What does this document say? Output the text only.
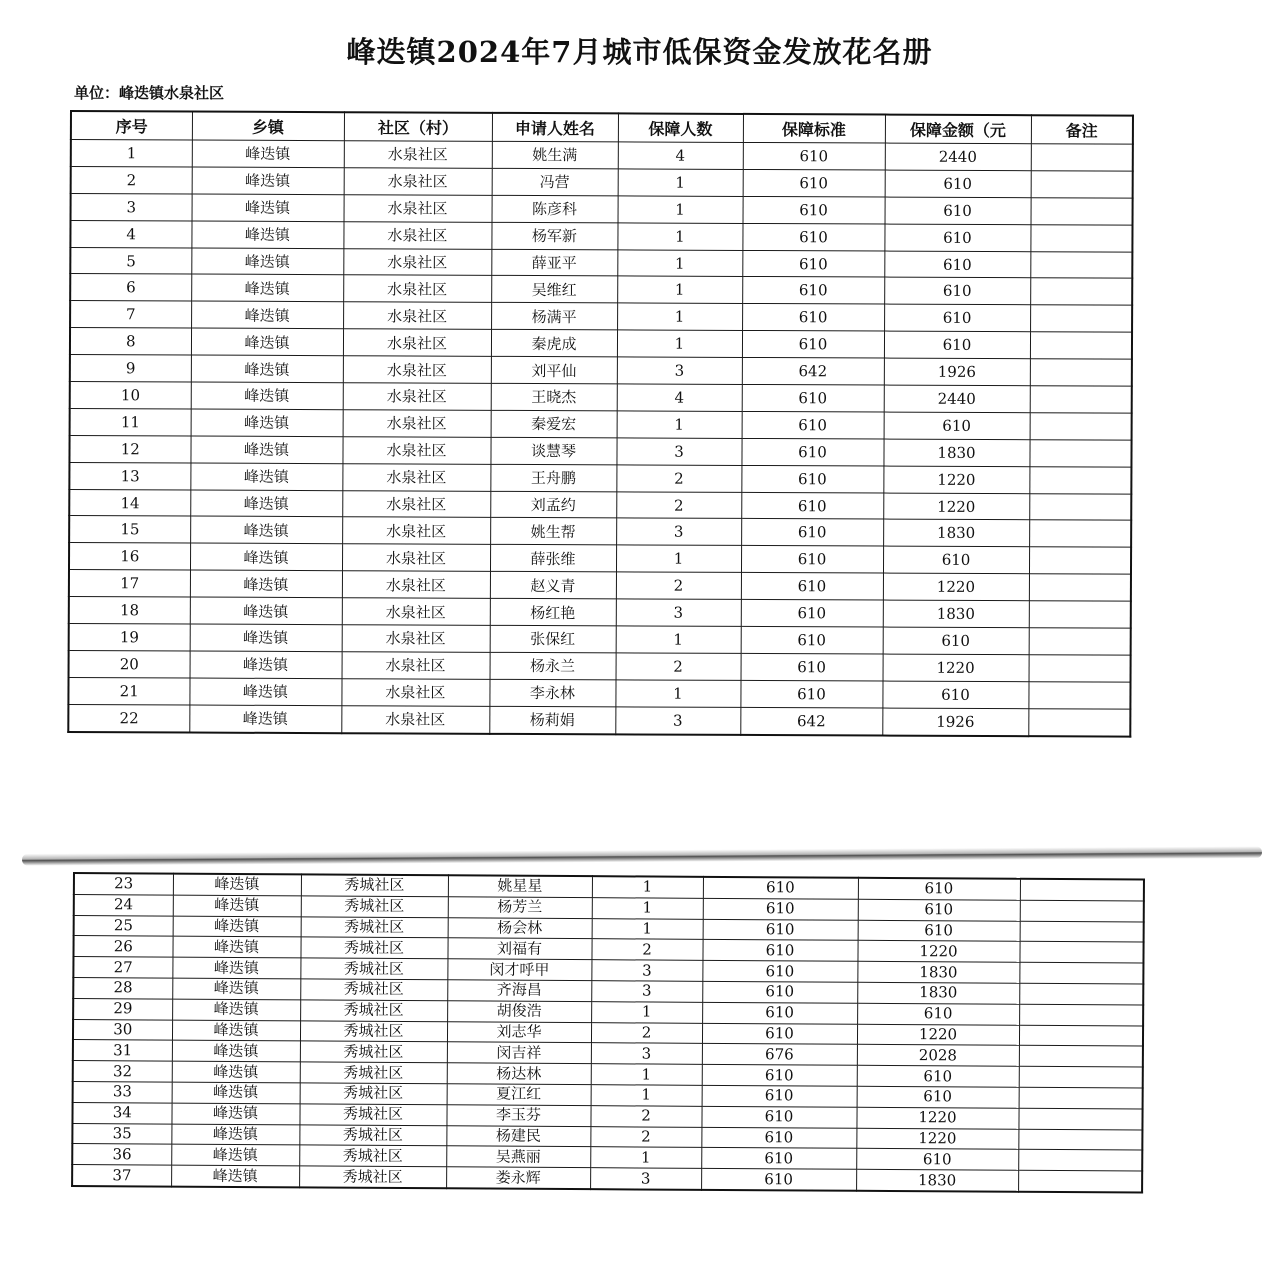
峰迭镇2024年7月城市低保资金发放花名册
单位：峰迭镇水泉社区
序号	乡镇	社区（村）	申请人姓名	保障人数	保障标准	保障金额（元	备注
1	峰迭镇	水泉社区	姚生满	4	610	2440	
2	峰迭镇	水泉社区	冯营	1	610	610	
3	峰迭镇	水泉社区	陈彦科	1	610	610	
4	峰迭镇	水泉社区	杨军新	1	610	610	
5	峰迭镇	水泉社区	薛亚平	1	610	610	
6	峰迭镇	水泉社区	吴维红	1	610	610	
7	峰迭镇	水泉社区	杨满平	1	610	610	
8	峰迭镇	水泉社区	秦虎成	1	610	610	
9	峰迭镇	水泉社区	刘平仙	3	642	1926	
10	峰迭镇	水泉社区	王晓杰	4	610	2440	
11	峰迭镇	水泉社区	秦爱宏	1	610	610	
12	峰迭镇	水泉社区	谈慧琴	3	610	1830	
13	峰迭镇	水泉社区	王舟鹏	2	610	1220	
14	峰迭镇	水泉社区	刘孟约	2	610	1220	
15	峰迭镇	水泉社区	姚生帮	3	610	1830	
16	峰迭镇	水泉社区	薛张维	1	610	610	
17	峰迭镇	水泉社区	赵义青	2	610	1220	
18	峰迭镇	水泉社区	杨红艳	3	610	1830	
19	峰迭镇	水泉社区	张保红	1	610	610	
20	峰迭镇	水泉社区	杨永兰	2	610	1220	
21	峰迭镇	水泉社区	李永林	1	610	610	
22	峰迭镇	水泉社区	杨莉娟	3	642	1926	
23	峰迭镇	秀城社区	姚星星	1	610	610	
24	峰迭镇	秀城社区	杨芳兰	1	610	610	
25	峰迭镇	秀城社区	杨会林	1	610	610	
26	峰迭镇	秀城社区	刘福有	2	610	1220	
27	峰迭镇	秀城社区	闵才呼甲	3	610	1830	
28	峰迭镇	秀城社区	齐海昌	3	610	1830	
29	峰迭镇	秀城社区	胡俊浩	1	610	610	
30	峰迭镇	秀城社区	刘志华	2	610	1220	
31	峰迭镇	秀城社区	闵吉祥	3	676	2028	
32	峰迭镇	秀城社区	杨达林	1	610	610	
33	峰迭镇	秀城社区	夏江红	1	610	610	
34	峰迭镇	秀城社区	李玉芬	2	610	1220	
35	峰迭镇	秀城社区	杨建民	2	610	1220	
36	峰迭镇	秀城社区	吴燕丽	1	610	610	
37	峰迭镇	秀城社区	娄永辉	3	610	1830	
